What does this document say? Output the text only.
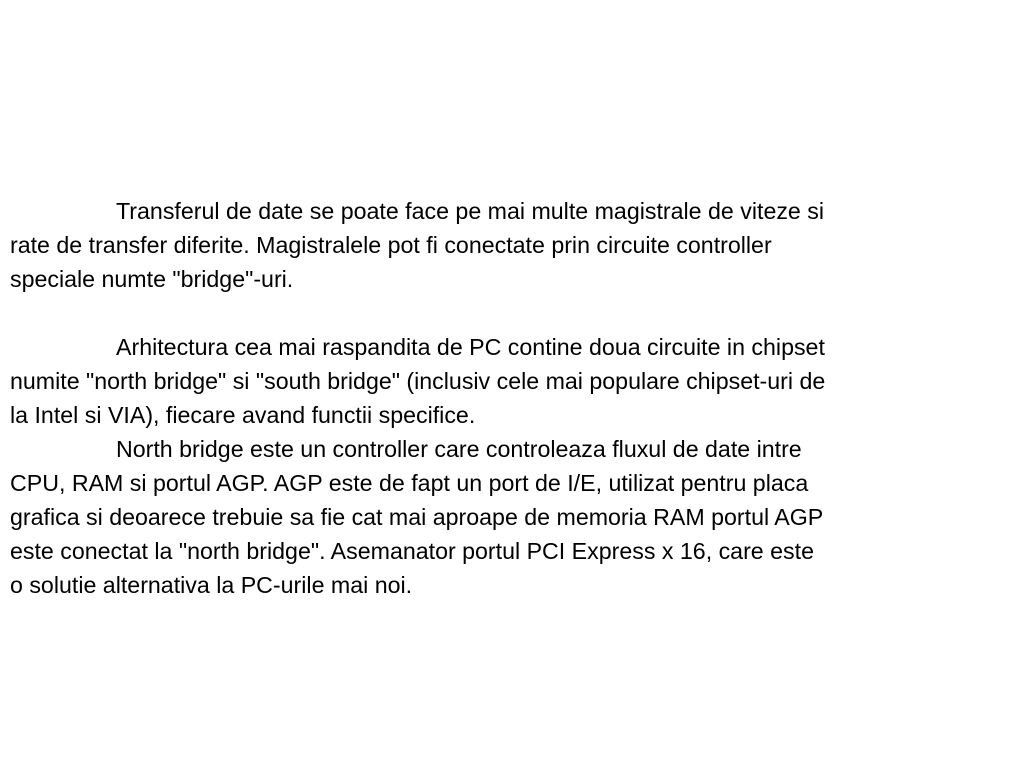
Transferul de date se poate face pe mai multe magistrale de viteze si
rate de transfer diferite. Magistralele pot fi conectate prin circuite controller
speciale numte "bridge"-uri.
Arhitectura cea mai raspandita de PC contine doua circuite in chipset
numite "north bridge" si "south bridge" (inclusiv cele mai populare chipset-uri de
la Intel si VIA), fiecare avand functii specifice.
North bridge este un controller care controleaza fluxul de date intre
CPU, RAM si portul AGP. AGP este de fapt un port de I/E, utilizat pentru placa
grafica si deoarece trebuie sa fie cat mai aproape de memoria RAM portul AGP
este conectat la "north bridge". Asemanator portul PCI Express x 16, care este
o solutie alternativa la PC-urile mai noi.
